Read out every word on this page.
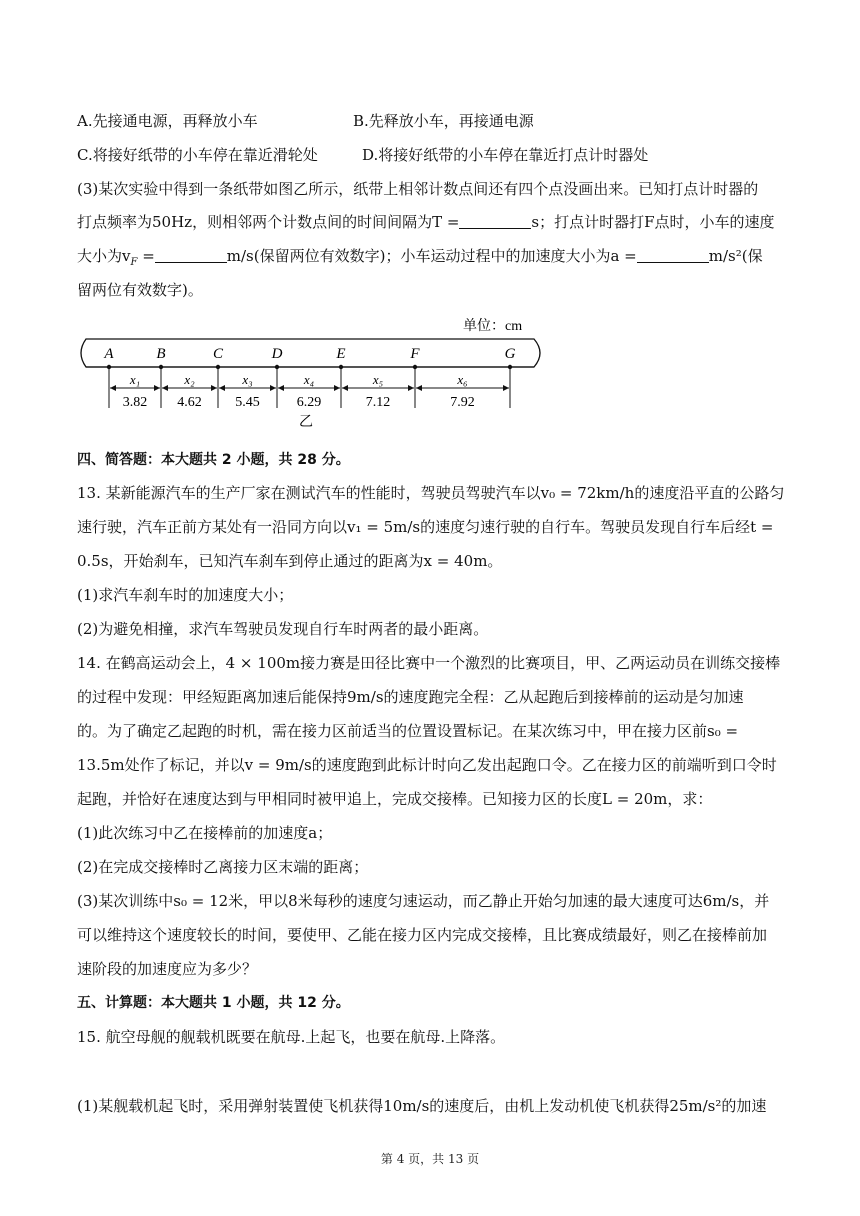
A.先接通电源，再释放小车	B.先释放小车，再接通电源
C.将接好纸带的小车停在靠近滑轮处	D.将接好纸带的小车停在靠近打点计时器处
(3)某次实验中得到一条纸带如图乙所示，纸带上相邻计数点间还有四个点没画出来。已知打点计时器的
打点频率为50Hz，则相邻两个计数点间的时间间隔为T =	s；打点计时器打F点时，小车的速度
大小为$v_F$ =	m/s(保留两位有效数字)；小车运动过程中的加速度大小为a =	m/s²(保
留两位有效数字)。
单位：cm
A	B	C	D	E	F	G
x₁
3.82
x₂
4.62
x₃
5.45
x₄
6.29
x₅
7.12
x₆
7.92
乙
四、简答题：本大题共 2 小题，共 28 分。
13. 某新能源汽车的生产厂家在测试汽车的性能时，驾驶员驾驶汽车以v₀ = 72km/h的速度沿平直的公路匀
速行驶，汽车正前方某处有一沿同方向以v₁ = 5m/s的速度匀速行驶的自行车。驾驶员发现自行车后经t =
0.5s，开始刹车，已知汽车刹车到停止通过的距离为x = 40m。
(1)求汽车刹车时的加速度大小；
(2)为避免相撞，求汽车驾驶员发现自行车时两者的最小距离。
14. 在鹤高运动会上，4 × 100m接力赛是田径比赛中一个激烈的比赛项目，甲、乙两运动员在训练交接棒
的过程中发现：甲经短距离加速后能保持9m/s的速度跑完全程：乙从起跑后到接棒前的运动是匀加速
的。为了确定乙起跑的时机，需在接力区前适当的位置设置标记。在某次练习中，甲在接力区前s₀ =
13.5m处作了标记，并以v = 9m/s的速度跑到此标计时向乙发出起跑口令。乙在接力区的前端听到口令时
起跑，并恰好在速度达到与甲相同时被甲追上，完成交接棒。已知接力区的长度L = 20m，求：
(1)此次练习中乙在接棒前的加速度a；
(2)在完成交接棒时乙离接力区末端的距离；
(3)某次训练中s₀ = 12米，甲以8米每秒的速度匀速运动，而乙静止开始匀加速的最大速度可达6m/s，并
可以维持这个速度较长的时间，要使甲、乙能在接力区内完成交接棒，且比赛成绩最好，则乙在接棒前加
速阶段的加速度应为多少？
五、计算题：本大题共 1 小题，共 12 分。
15. 航空母舰的舰载机既要在航母.上起飞，也要在航母.上降落。
(1)某舰载机起飞时，采用弹射装置使飞机获得10m/s的速度后，由机上发动机使飞机获得25m/s²的加速
第 4 页，共 13 页
